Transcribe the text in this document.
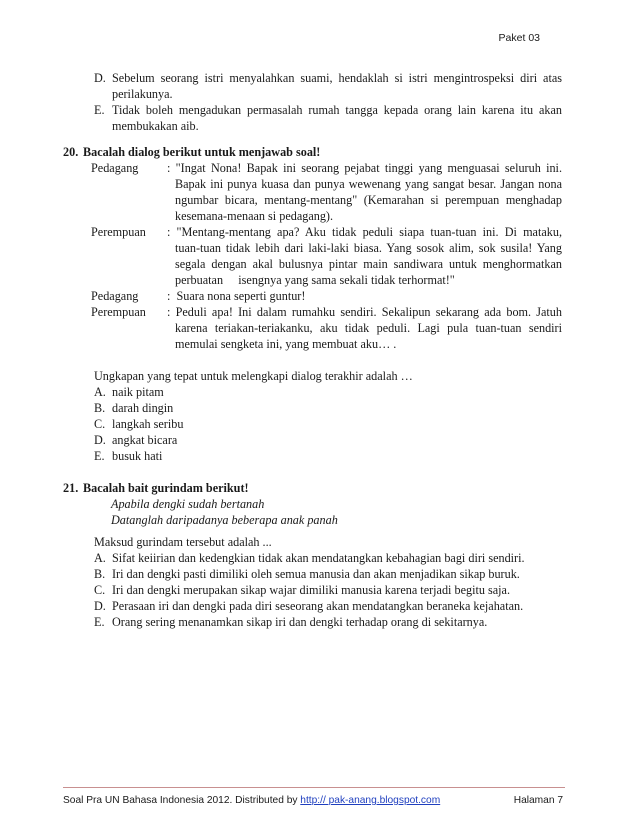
Paket 03
D. Sebelum seorang istri menyalahkan suami, hendaklah si istri mengintrospeksi diri atas
perilakunya.
E. Tidak boleh mengadukan permasalah rumah tangga kepada orang lain karena itu akan
membukakan aib.
20. Bacalah dialog berikut untuk menjawab soal!
Pedagang : "Ingat Nona! Bapak ini seorang pejabat tinggi yang menguasai seluruh ini.
Bapak ini punya kuasa dan punya wewenang yang sangat besar. Jangan nona
ngumbar bicara, mentang-mentang" (Kemarahan si perempuan menghadap
kesemana-menaan si pedagang).
Perempuan : "Mentang-mentang apa? Aku tidak peduli siapa tuan-tuan ini. Di mataku,
tuan-tuan tidak lebih dari laki-laki biasa. Yang sosok alim, sok susila! Yang
segala dengan akal bulusnya pintar main sandiwara untuk menghormatkan
perbuatan     isengnya yang sama sekali tidak terhormat!"
Pedagang :  Suara nona seperti guntur!
Perempuan : Peduli apa! Ini dalam rumahku sendiri. Sekalipun sekarang ada bom. Jatuh
karena teriakan-teriakanku, aku tidak peduli. Lagi pula tuan-tuan sendiri
memulai sengketa ini, yang membuat aku… .
Ungkapan yang tepat untuk melengkapi dialog terakhir adalah …
A. naik pitam
B. darah dingin
C. langkah seribu
D. angkat bicara
E. busuk hati
21. Bacalah bait gurindam berikut!
Apabila dengki sudah bertanah
Datanglah daripadanya beberapa anak panah
Maksud gurindam tersebut adalah ...
A. Sifat keiirian dan kedengkian tidak akan mendatangkan kebahagian bagi diri sendiri.
B. Iri dan dengki pasti dimiliki oleh semua manusia dan akan menjadikan sikap buruk.
C. Iri dan dengki merupakan sikap wajar dimiliki manusia karena terjadi begitu saja.
D. Perasaan iri dan dengki pada diri seseorang akan mendatangkan beraneka kejahatan.
E. Orang sering menanamkan sikap iri dan dengki terhadap orang di sekitarnya.
Soal Pra UN Bahasa Indonesia 2012. Distributed by http:// pak-anang.blogspot.com	Halaman 7
